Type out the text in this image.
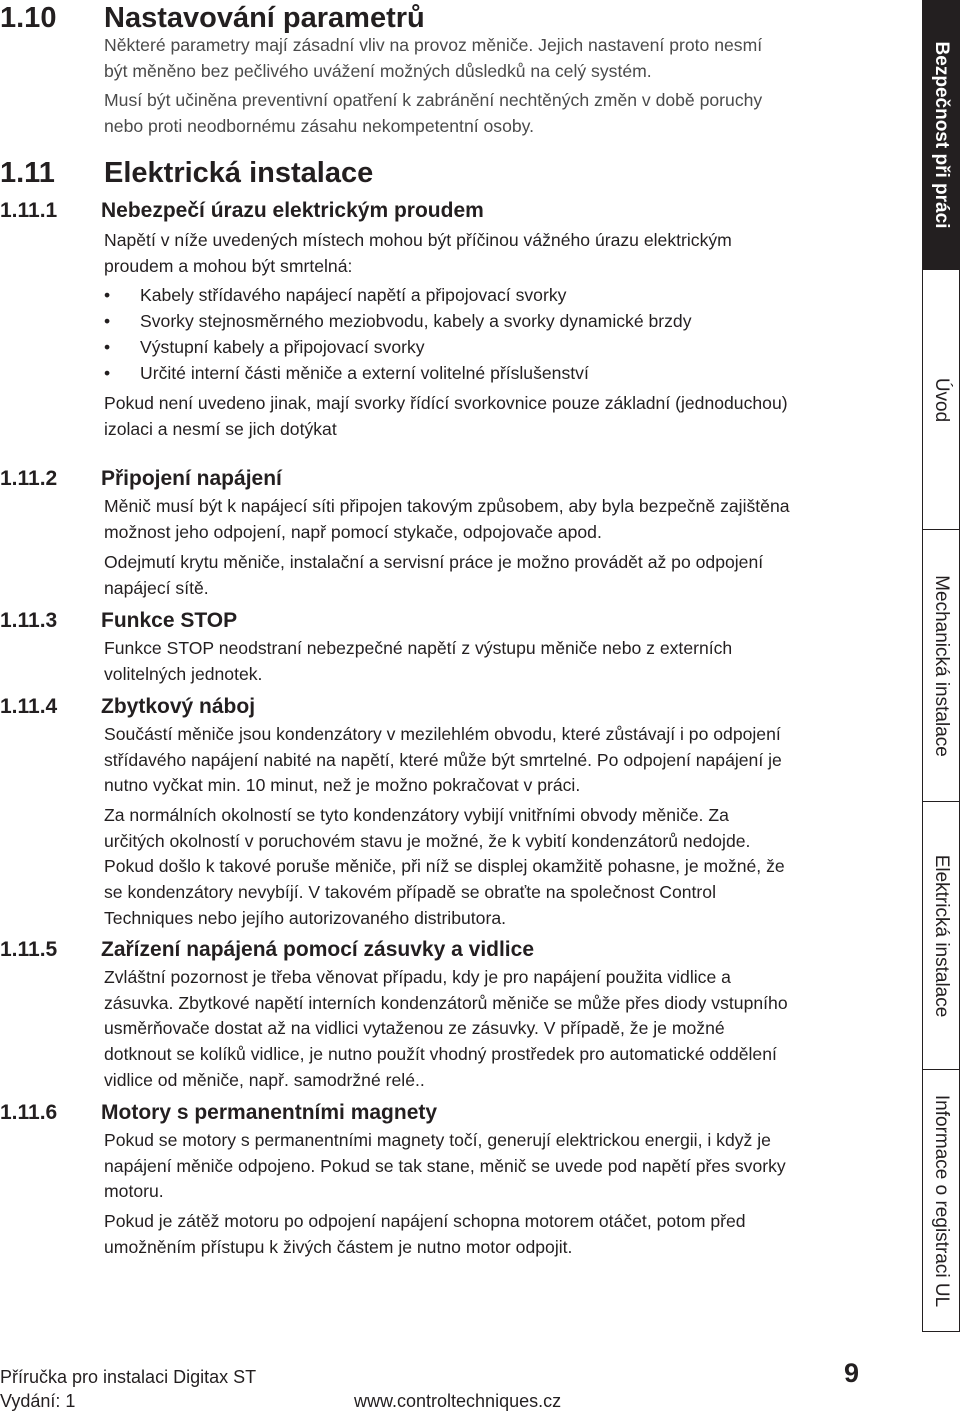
1.10 Nastavování parametrů
Některé parametry mají zásadní vliv na provoz měniče. Jejich nastavení proto nesmí
být měněno bez pečlivého uvážení možných důsledků na celý systém.
Musí být učiněna preventivní opatření k zabránění nechtěných změn v době poruchy
nebo proti neodbornému zásahu nekompetentní osoby.
1.11 Elektrická instalace
1.11.1 Nebezpečí úrazu elektrickým proudem
Napětí v níže uvedených místech mohou být příčinou vážného úrazu elektrickým
proudem a mohou být smrtelná:
• Kabely střídavého napájecí napětí a připojovací svorky
• Svorky stejnosměrného meziobvodu, kabely a svorky dynamické brzdy
• Výstupní kabely a připojovací svorky
• Určité interní části měniče a externí volitelné příslušenství
Pokud není uvedeno jinak, mají svorky řídící svorkovnice pouze základní (jednoduchou)
izolaci a nesmí se jich dotýkat
1.11.2 Připojení napájení
Měnič musí být k napájecí síti připojen takovým způsobem, aby byla bezpečně zajištěna
možnost jeho odpojení, např pomocí stykače, odpojovače apod.
Odejmutí krytu měniče, instalační a servisní práce je možno provádět až po odpojení
napájecí sítě.
1.11.3 Funkce STOP
Funkce STOP neodstraní nebezpečné napětí z výstupu měniče nebo z externích
volitelných jednotek.
1.11.4 Zbytkový náboj
Součástí měniče jsou kondenzátory v mezilehlém obvodu, které zůstávají i po odpojení
střídavého napájení nabité na napětí, které může být smrtelné. Po odpojení napájení je
nutno vyčkat min. 10 minut, než je možno pokračovat v práci.
Za normálních okolností se tyto kondenzátory vybijí vnitřními obvody měniče. Za
určitých okolností v poruchovém stavu je možné, že k vybití kondenzátorů nedojde.
Pokud došlo k takové poruše měniče, při níž se displej okamžitě pohasne, je možné, že
se kondenzátory nevybíjí. V takovém případě se obraťte na společnost Control
Techniques nebo jejího autorizovaného distributora.
1.11.5 Zařízení napájená pomocí zásuvky a vidlice
Zvláštní pozornost je třeba věnovat případu, kdy je pro napájení použita vidlice a
zásuvka. Zbytkové napětí interních kondenzátorů měniče se může přes diody vstupního
usměrňovače dostat až na vidlici vytaženou ze zásuvky. V případě, že je možné
dotknout se kolíků vidlice, je nutno použít vhodný prostředek pro automatické oddělení
vidlice od měniče, např. samodržné relé..
1.11.6 Motory s permanentními magnety
Pokud se motory s permanentními magnety točí, generují elektrickou energii, i když je
napájení měniče odpojeno. Pokud se tak stane, měnič se uvede pod napětí přes svorky
motoru.
Pokud je zátěž motoru po odpojení napájení schopna motorem otáčet, potom před
umožněním přístupu k živých částem je nutno motor odpojit.
Bezpečnost při práci
Úvod
Mechanická instalace
Elektrická instalace
Informace o registraci UL
Příručka pro instalaci Digitax ST
Vydání: 1	www.controltechniques.cz
9
